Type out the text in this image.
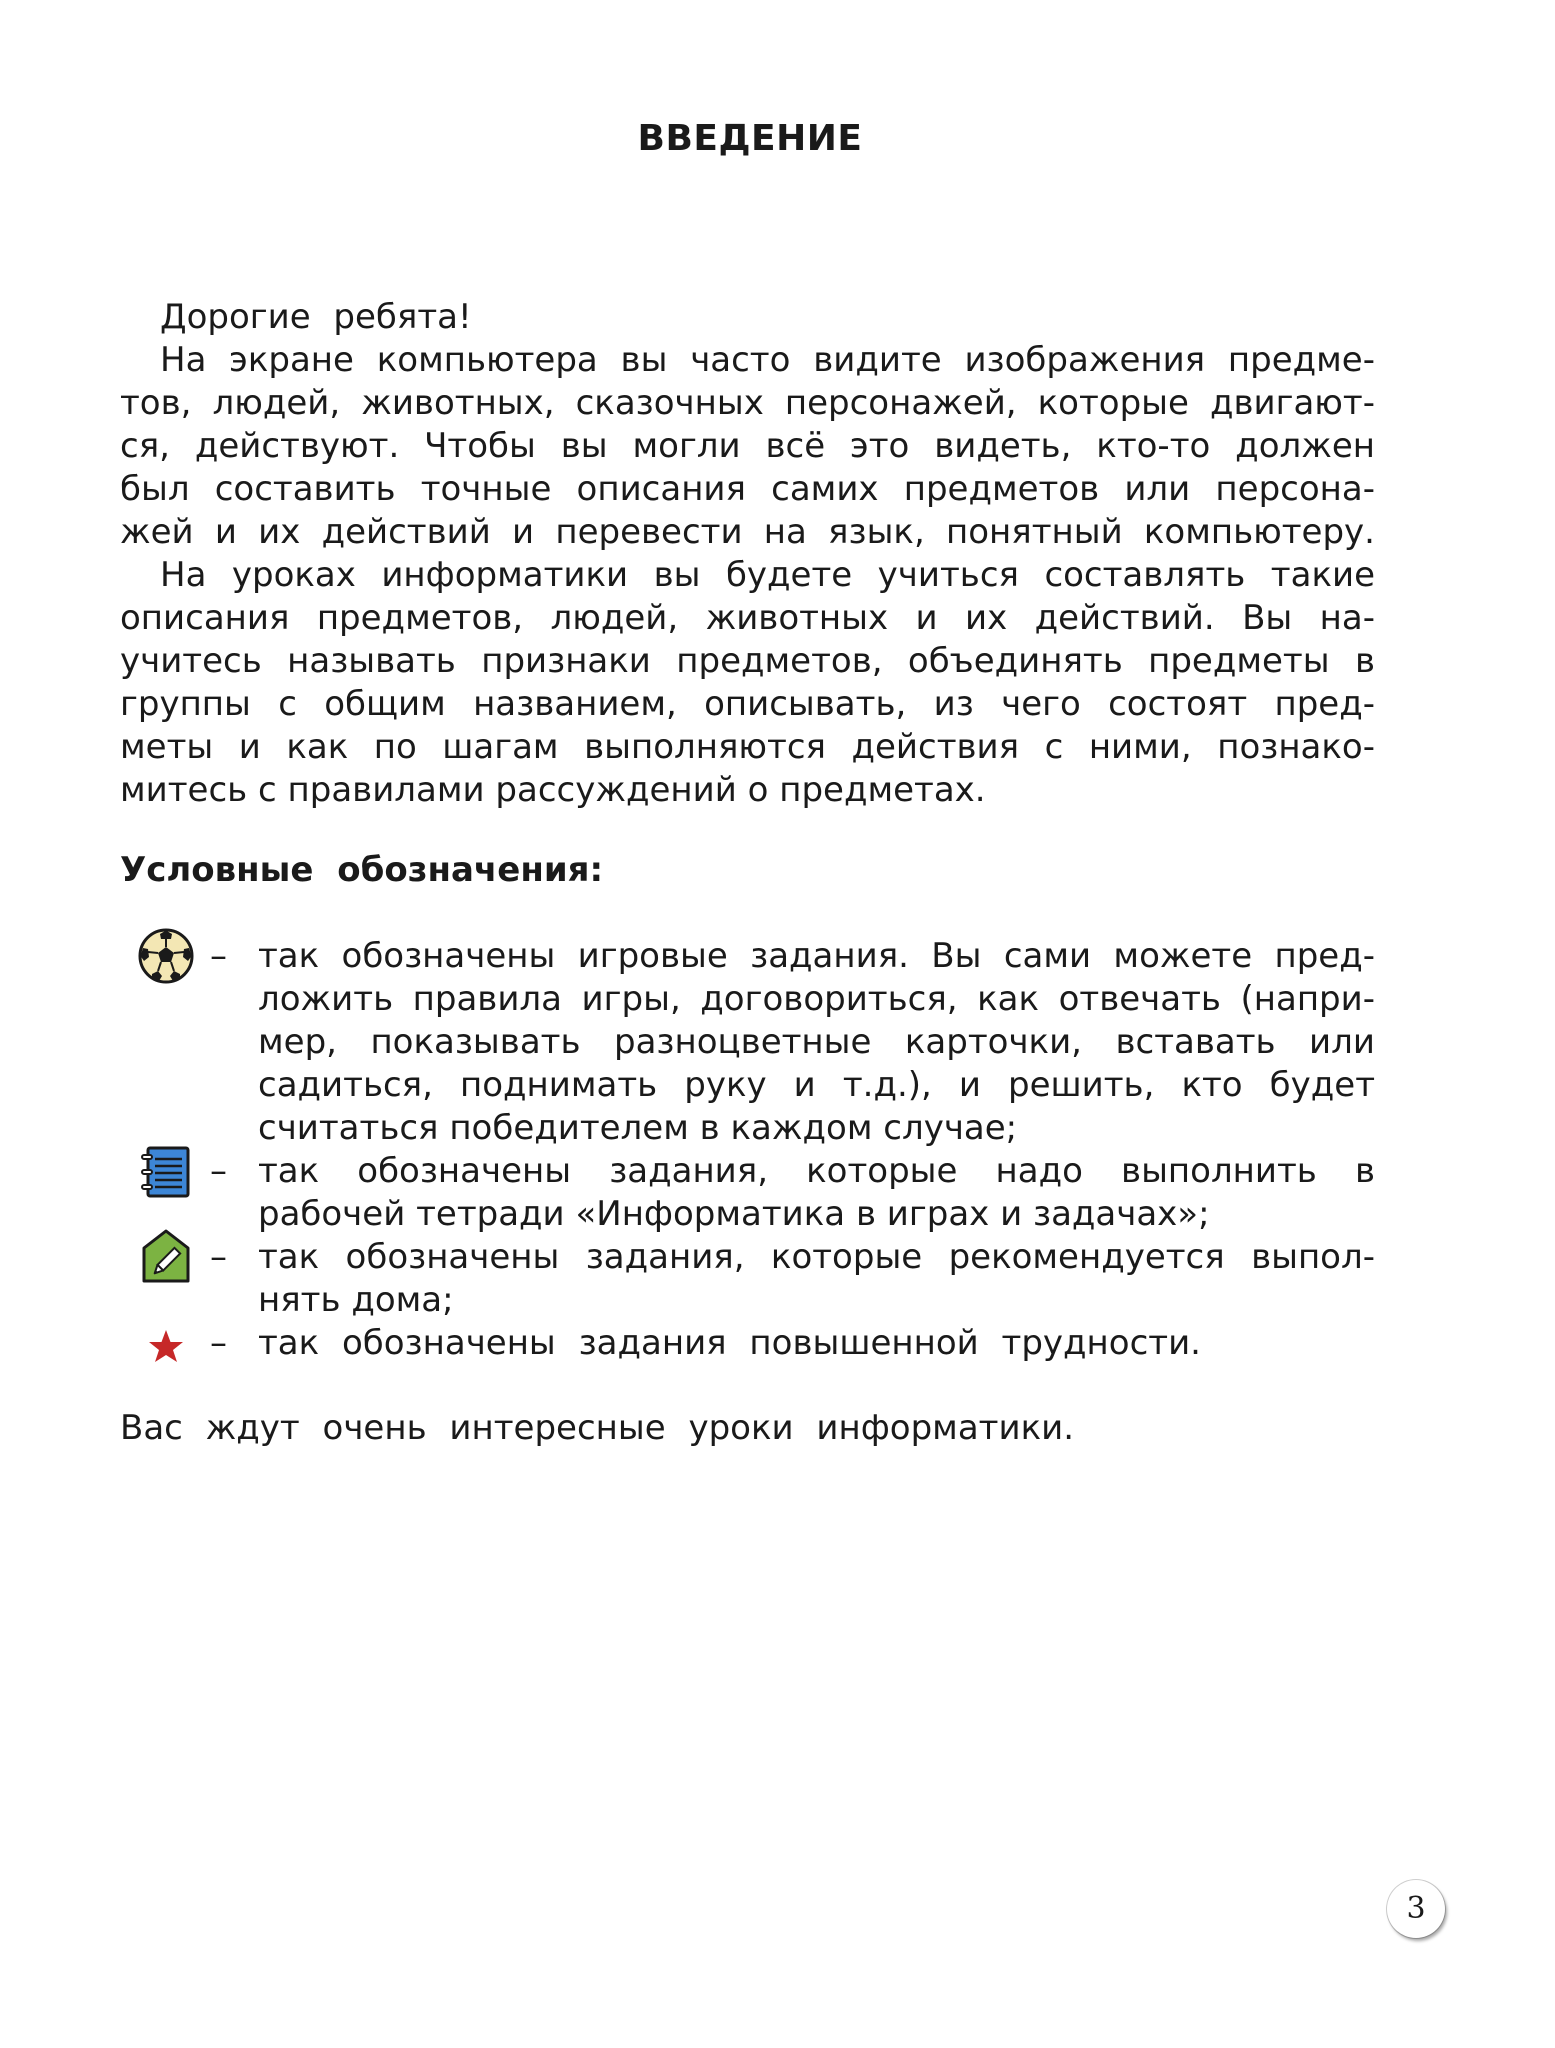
ВВЕДЕНИЕ
Дорогие ребята!
На экране компьютера вы часто видите изображения предме-
тов, людей, животных, сказочных персонажей, которые двигают-
ся, действуют. Чтобы вы могли всё это видеть, кто-то должен
был составить точные описания самих предметов или персона-
жей и их действий и перевести на язык, понятный компьютеру.
На уроках информатики вы будете учиться составлять такие
описания предметов, людей, животных и их действий. Вы на-
учитесь называть признаки предметов, объединять предметы в
группы с общим названием, описывать, из чего состоят пред-
меты и как по шагам выполняются действия с ними, познако-
митесь с правилами рассуждений о предметах.
Условные обозначения:
– так обозначены игровые задания. Вы сами можете пред-
ложить правила игры, договориться, как отвечать (напри-
мер, показывать разноцветные карточки, вставать или
садиться, поднимать руку и т.д.), и решить, кто будет
считаться победителем в каждом случае;
– так обозначены задания, которые надо выполнить в
рабочей тетради «Информатика в играх и задачах»;
– так обозначены задания, которые рекомендуется выпол-
нять дома;
– так обозначены задания повышенной трудности.
Вас ждут очень интересные уроки информатики.
3
